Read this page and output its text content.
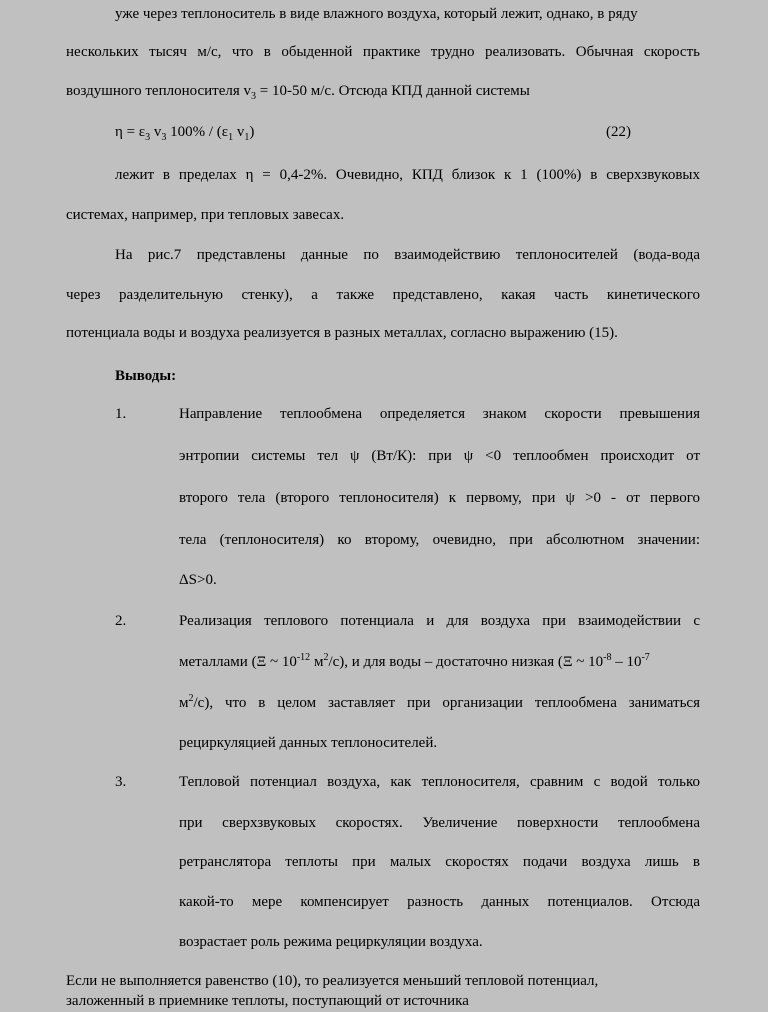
уже через теплоноситель в виде влажного воздуха, который лежит, однако, в ряду
нескольких тысяч м/с, что в обыденной практике трудно реализовать. Обычная скорость
воздушного теплоносителя $v_3 = 10-50$ м/с. Отсюда КПД данной системы
$\eta = \varepsilon_3$ $v_3$ $100\% / (\varepsilon_1$ $v_1$)	(22)
лежит в пределах η = 0,4-2%. Очевидно, КПД близок к 1 (100%) в сверхзвуковых
системах, например, при тепловых завесах.
На рис.7 представлены данные по взаимодействию теплоносителей (вода-вода
через разделительную стенку), а также представлено, какая часть кинетического
потенциала воды и воздуха реализуется в разных металлах, согласно выражению (15).
Выводы:
1.	Направление теплообмена определяется знаком скорости превышения
энтропии системы тел ψ (Вт/К): при ψ <0 теплообмен происходит от
второго тела (второго теплоносителя) к первому, при ψ >0 - от первого
тела (теплоносителя) ко второму, очевидно, при абсолютном значении:
ΔS>0.
2.	Реализация теплового потенциала и для воздуха при взаимодействии с
металлами (Ξ ~ $10^{-12}$ $м^2/с$), и для воды – достаточно низкая (Ξ ~ $10^{-8} - 10^{-7}$
$м^2/с$), что в целом заставляет при организации теплообмена заниматься
рециркуляцией данных теплоносителей.
3.	Тепловой потенциал воздуха, как теплоносителя, сравним с водой только
при сверхзвуковых скоростях. Увеличение поверхности теплообмена
ретранслятора теплоты при малых скоростях подачи воздуха лишь в
какой-то мере компенсирует разность данных потенциалов. Отсюда
возрастает роль режима рециркуляции воздуха.
Если не выполняется равенство (10), то реализуется меньший тепловой потенциал,
заложенный в приемнике теплоты, поступающий от источника
